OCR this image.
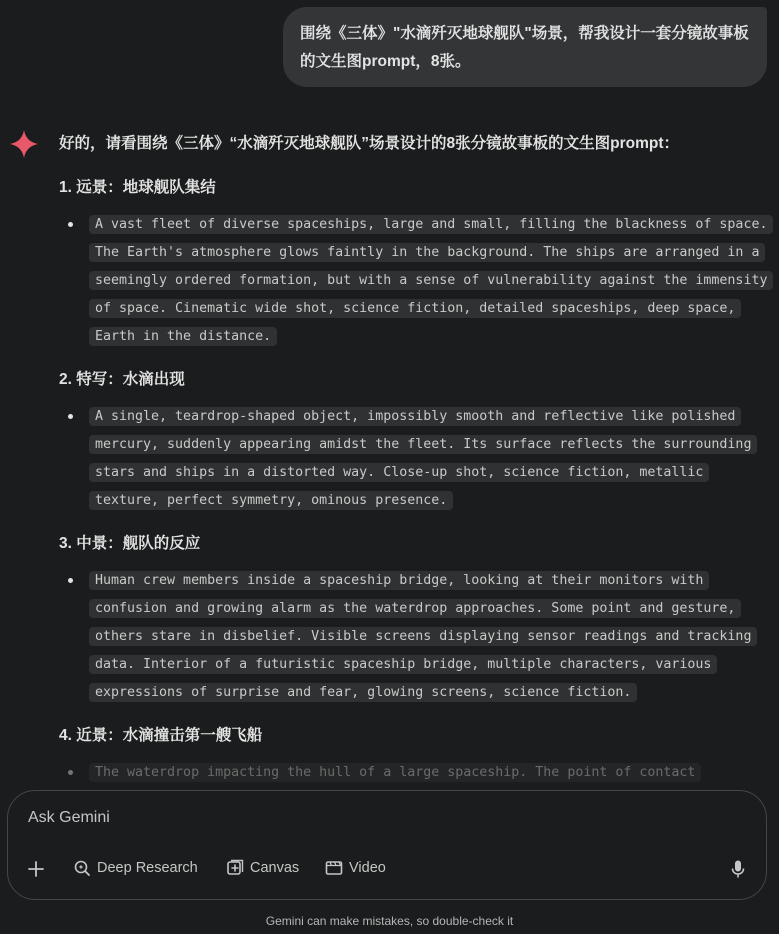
围绕《三体》"水滴歼灭地球舰队"场景，帮我设计一套分镜故事板的文生图prompt，8张。
好的，请看围绕《三体》“水滴歼灭地球舰队”场景设计的8张分镜故事板的文生图prompt：
1. 远景：地球舰队集结
A vast fleet of diverse spaceships, large and small, filling the blackness of space. The Earth's atmosphere glows faintly in the background. The ships are arranged in a seemingly ordered formation, but with a sense of vulnerability against the immensity of space. Cinematic wide shot, science fiction, detailed spaceships, deep space, Earth in the distance.
2. 特写：水滴出现
A single, teardrop-shaped object, impossibly smooth and reflective like polished mercury, suddenly appearing amidst the fleet. Its surface reflects the surrounding stars and ships in a distorted way. Close-up shot, science fiction, metallic texture, perfect symmetry, ominous presence.
3. 中景：舰队的反应
Human crew members inside a spaceship bridge, looking at their monitors with confusion and growing alarm as the waterdrop approaches. Some point and gesture, others stare in disbelief. Visible screens displaying sensor readings and tracking data. Interior of a futuristic spaceship bridge, multiple characters, various expressions of surprise and fear, glowing screens, science fiction.
4. 近景：水滴撞击第一艘飞船
The waterdrop impacting the hull of a large spaceship. The point of contact
Ask Gemini
Deep Research	Canvas	Video
Gemini can make mistakes, so double-check it
